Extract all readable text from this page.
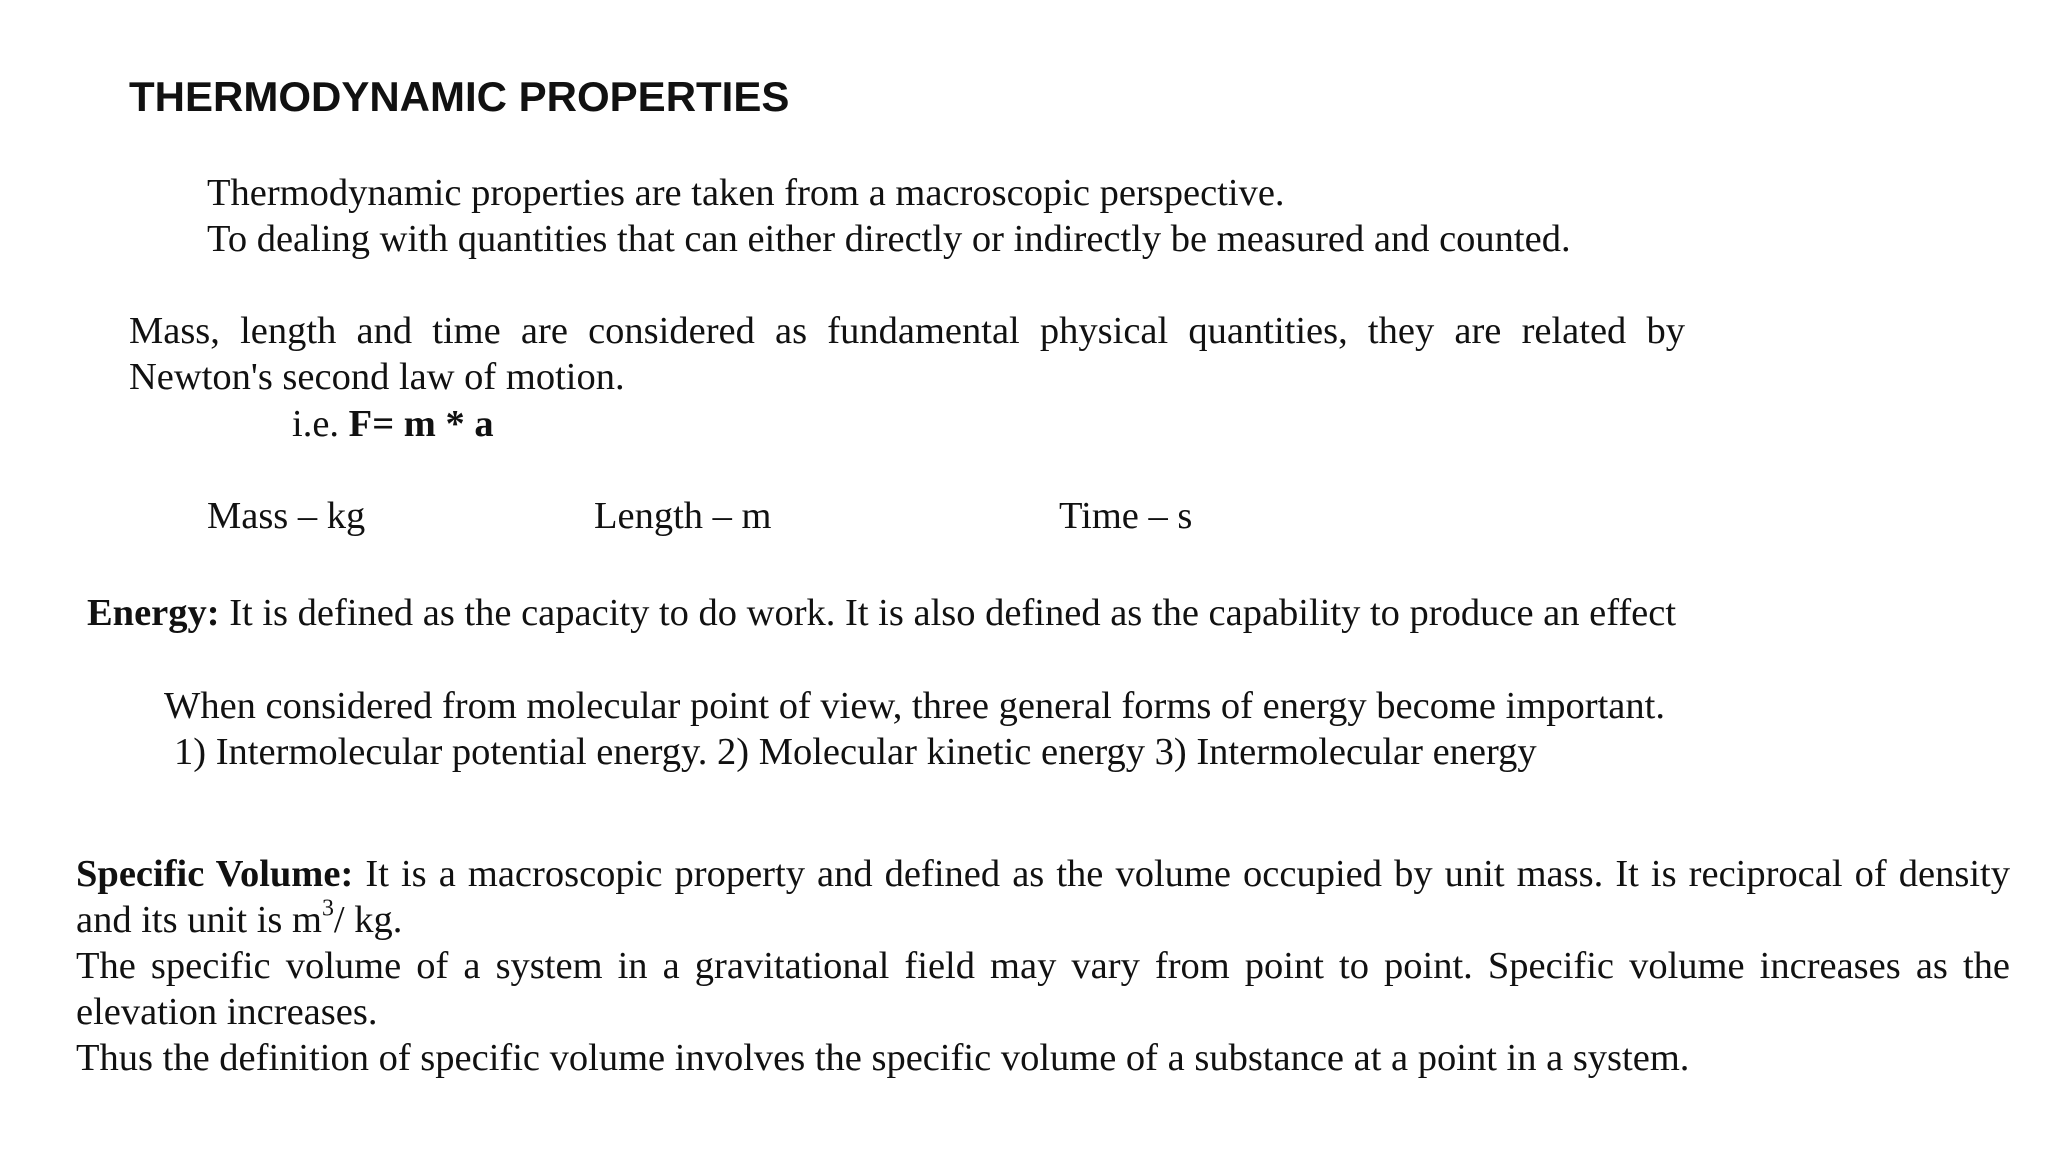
THERMODYNAMIC PROPERTIES
Thermodynamic properties are taken from a macroscopic perspective.
To dealing with quantities that can either directly or indirectly be measured and counted.
Mass, length and time are considered as fundamental physical quantities, they are related by
Newton's second law of motion.
i.e. F= m * a
Mass – kg	Length – m	Time – s
Energy: It is defined as the capacity to do work. It is also defined as the capability to produce an effect
When considered from molecular point of view, three general forms of energy become important.
1) Intermolecular potential energy. 2) Molecular kinetic energy 3) Intermolecular energy
Specific Volume: It is a macroscopic property and defined as the volume occupied by unit mass. It is reciprocal of density
and its unit is $m^3/$ kg.
The specific volume of a system in a gravitational field may vary from point to point. Specific volume increases as the
elevation increases.
Thus the definition of specific volume involves the specific volume of a substance at a point in a system.
